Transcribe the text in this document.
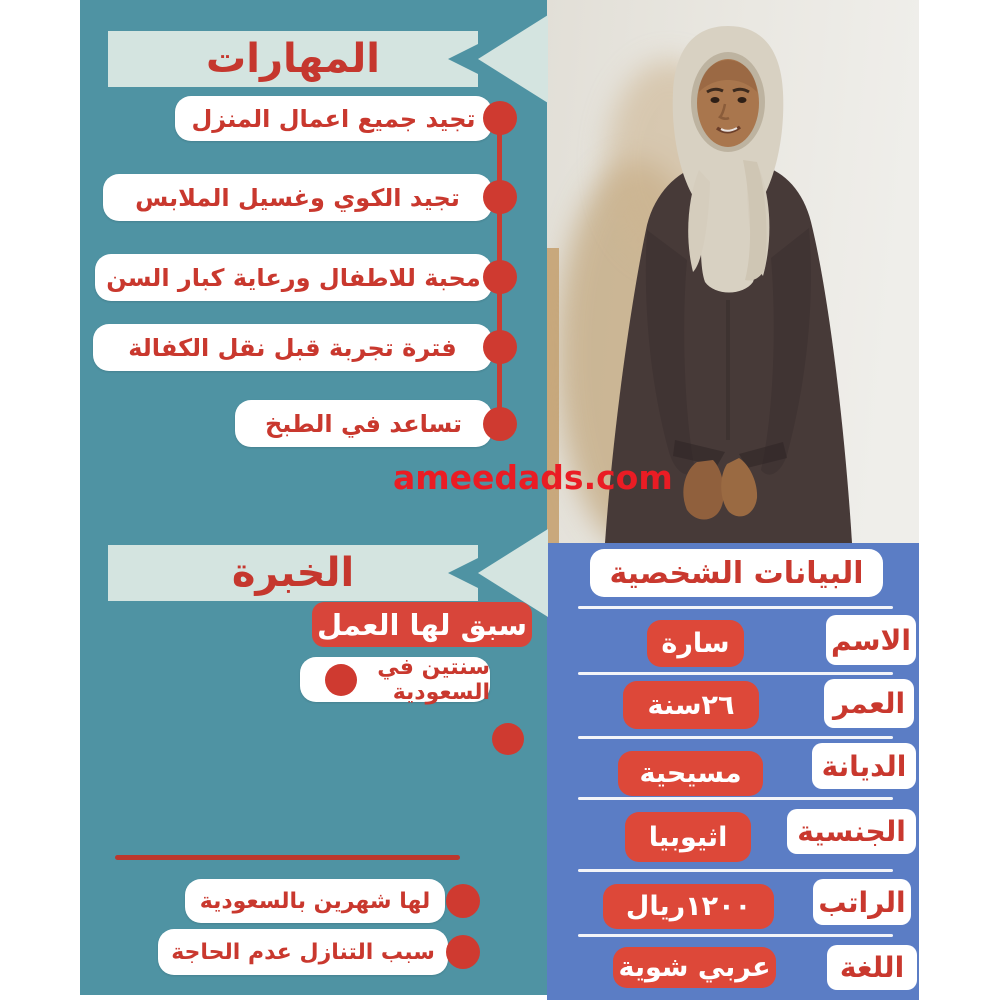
المهارات
تجيد جميع اعمال المنزل
تجيد الكوي وغسيل الملابس
محبة للاطفال ورعاية كبار السن
فترة تجربة قبل نقل الكفالة
تساعد في الطبخ
ameedads.com
الخبرة
سبق لها العمل
سنتين في السعودية
لها شهرين بالسعودية
سبب التنازل عدم الحاجة
البيانات الشخصية
الاسم
سارة
العمر
٢٦سنة
الديانة
مسيحية
الجنسية
اثيوبيا
الراتب
١٢٠٠ريال
اللغة
عربي شوية
